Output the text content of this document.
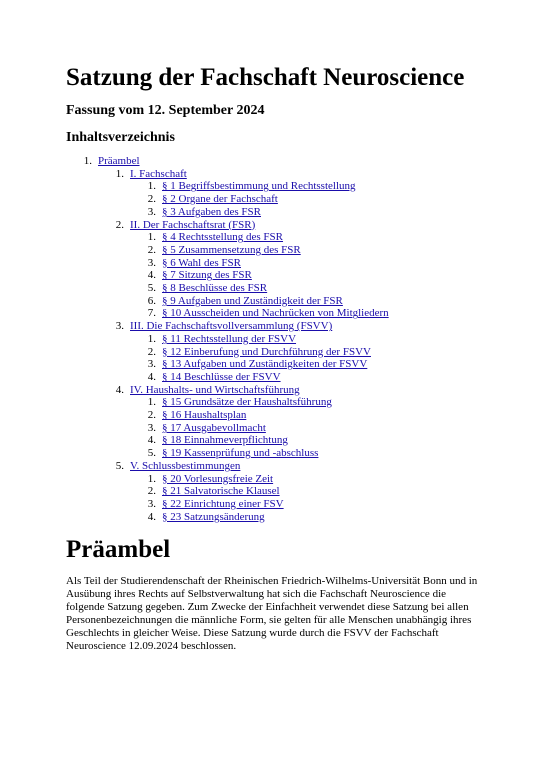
Satzung der Fachschaft Neuroscience
Fassung vom 12. September 2024
Inhaltsverzeichnis
1. Präambel
1. I. Fachschaft
1. § 1 Begriffsbestimmung und Rechtsstellung
2. § 2 Organe der Fachschaft
3. § 3 Aufgaben des FSR
2. II. Der Fachschaftsrat (FSR)
1. § 4 Rechtsstellung des FSR
2. § 5 Zusammensetzung des FSR
3. § 6 Wahl des FSR
4. § 7 Sitzung des FSR
5. § 8 Beschlüsse des FSR
6. § 9 Aufgaben und Zuständigkeit der FSR
7. § 10 Ausscheiden und Nachrücken von Mitgliedern
3. III. Die Fachschaftsvollversammlung (FSVV)
1. § 11 Rechtsstellung der FSVV
2. § 12 Einberufung und Durchführung der FSVV
3. § 13 Aufgaben und Zuständigkeiten der FSVV
4. § 14 Beschlüsse der FSVV
4. IV. Haushalts- und Wirtschaftsführung
1. § 15 Grundsätze der Haushaltsführung
2. § 16 Haushaltsplan
3. § 17 Ausgabevollmacht
4. § 18 Einnahmeverpflichtung
5. § 19 Kassenprüfung und -abschluss
5. V. Schlussbestimmungen
1. § 20 Vorlesungsfreie Zeit
2. § 21 Salvatorische Klausel
3. § 22 Einrichtung einer FSV
4. § 23 Satzungsänderung
Präambel

Als Teil der Studierendenschaft der Rheinischen Friedrich-Wilhelms-Universität Bonn und in Ausübung ihres Rechts auf Selbstverwaltung hat sich die Fachschaft Neuroscience die folgende Satzung gegeben. Zum Zwecke der Einfachheit verwendet diese Satzung bei allen Personenbezeichnungen die männliche Form, sie gelten für alle Menschen unabhängig ihres Geschlechts in gleicher Weise. Diese Satzung wurde durch die FSVV der Fachschaft Neuroscience 12.09.2024 beschlossen.
